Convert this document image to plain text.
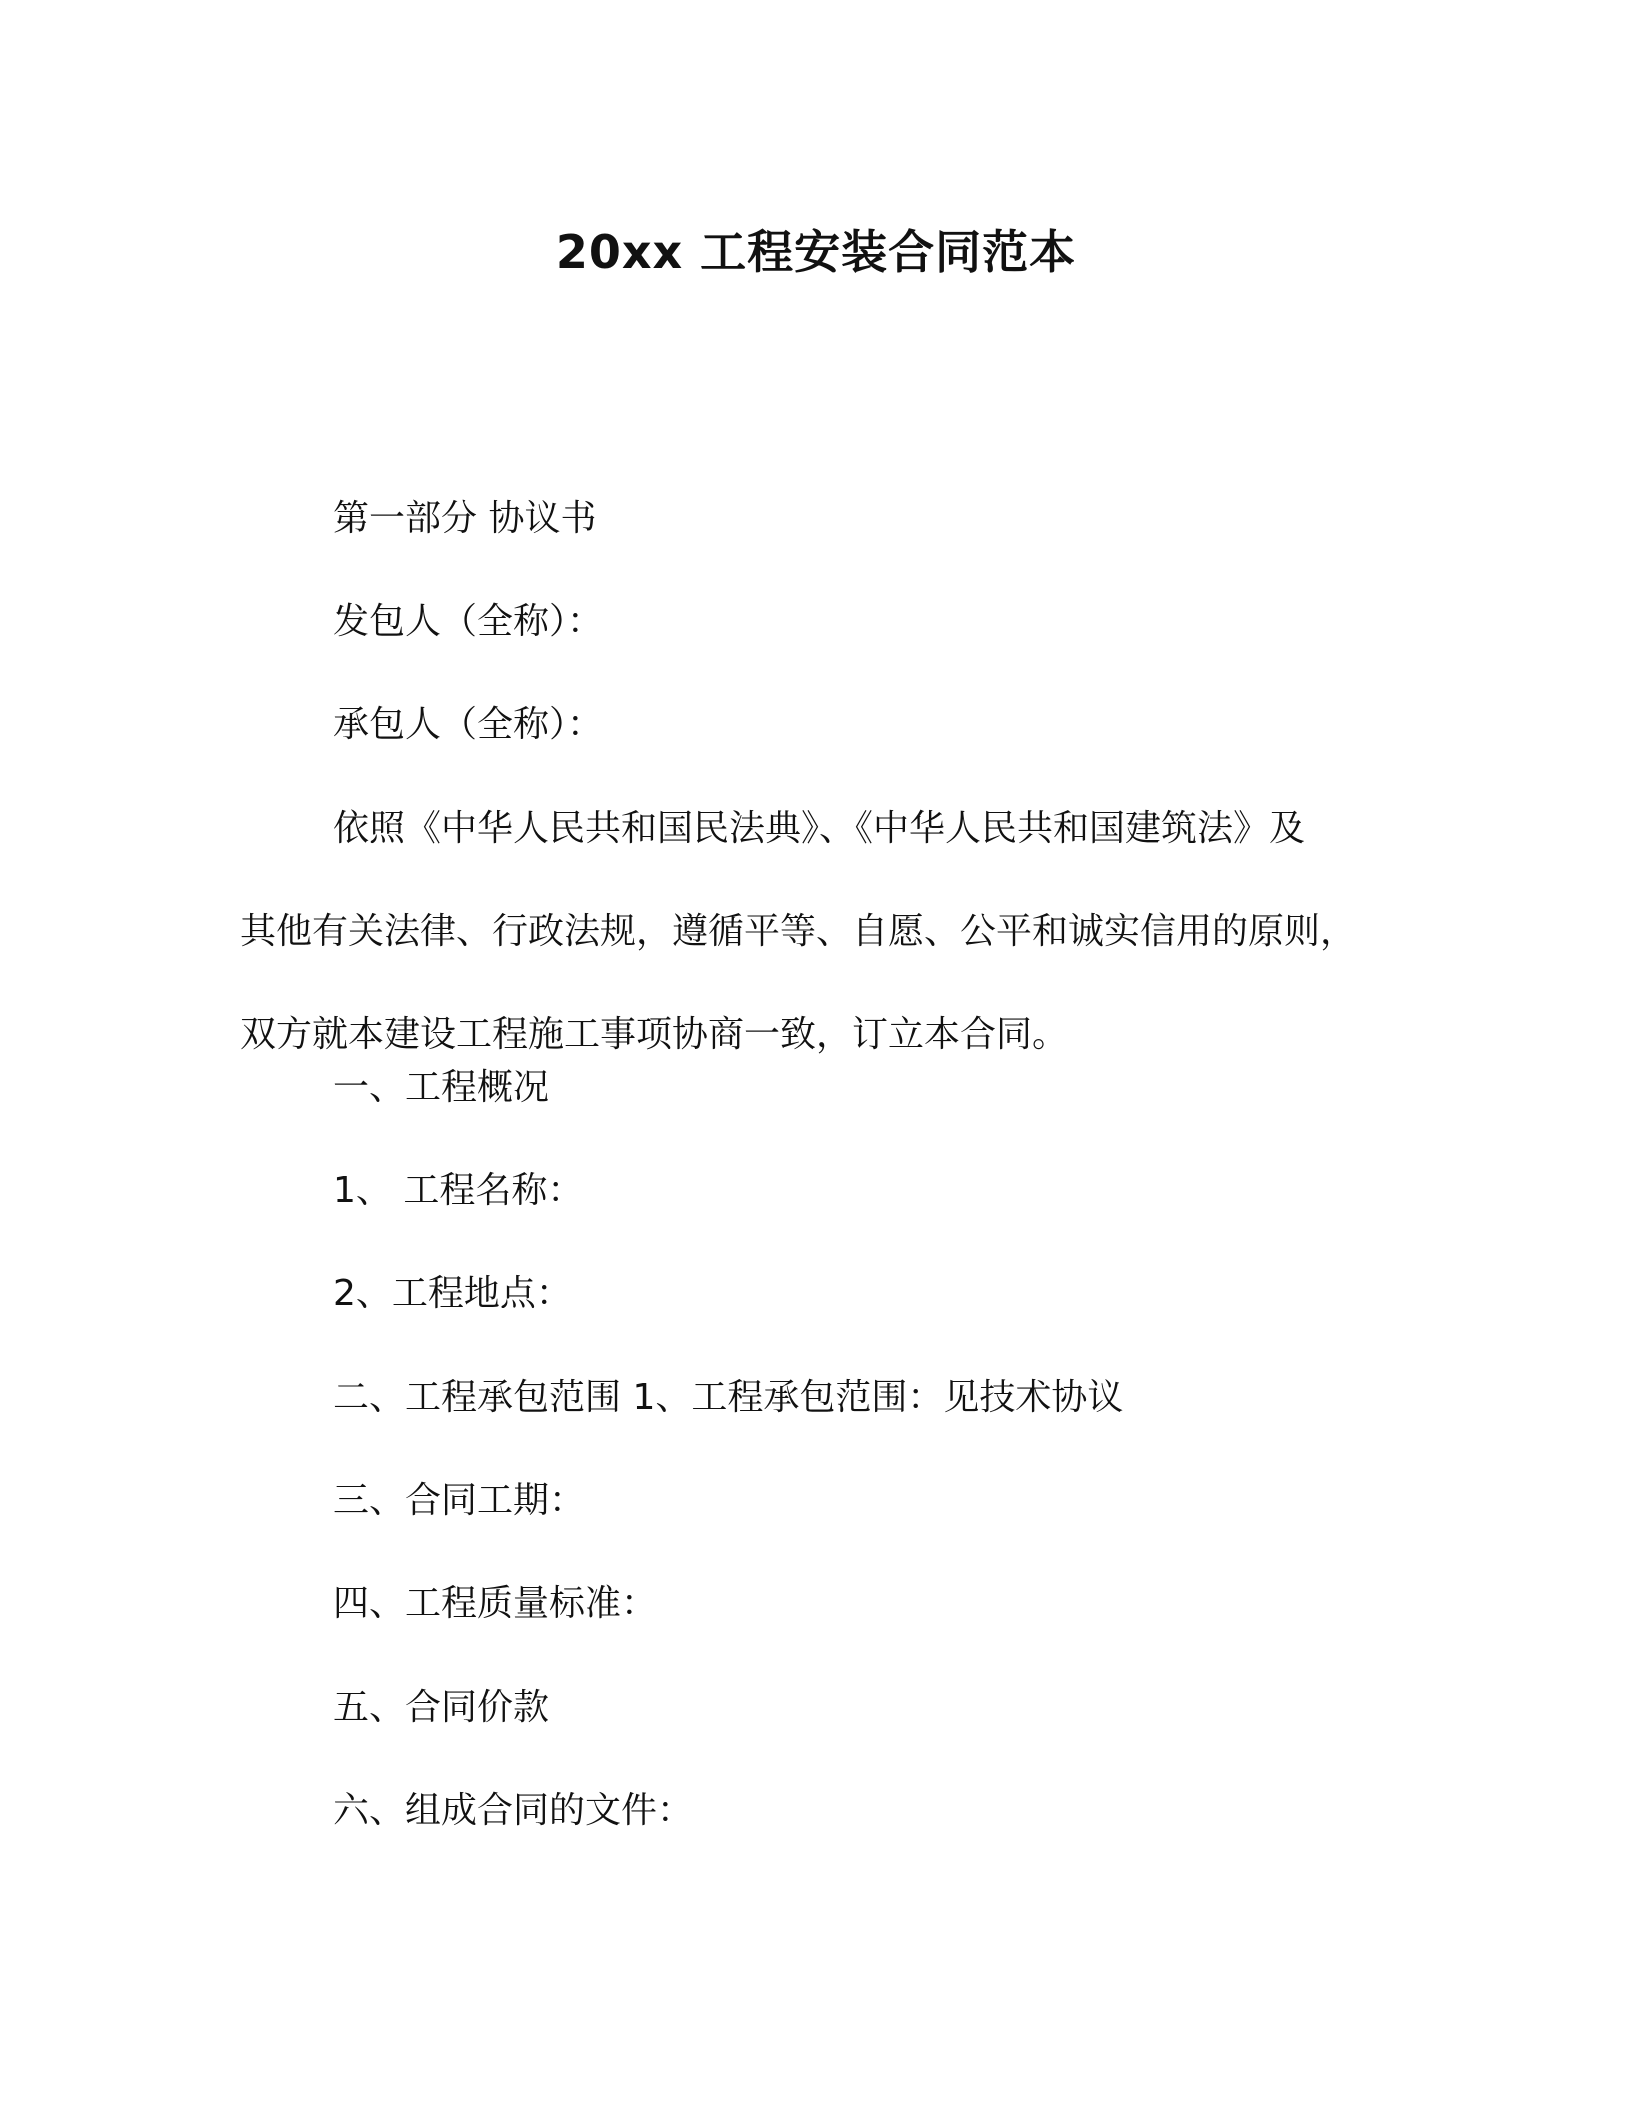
20xx 工程安装合同范本
第一部分 协议书
发包人（全称）：
承包人（全称）：
依照《中华人民共和国民法典》、《中华人民共和国建筑法》及
其他有关法律、行政法规，遵循平等、自愿、公平和诚实信用的原则，
双方就本建设工程施工事项协商一致，订立本合同。
一、工程概况
1、 工程名称：
2、工程地点：
二、工程承包范围 1、工程承包范围：见技术协议
三、合同工期：
四、工程质量标准：
五、合同价款
六、组成合同的文件：
